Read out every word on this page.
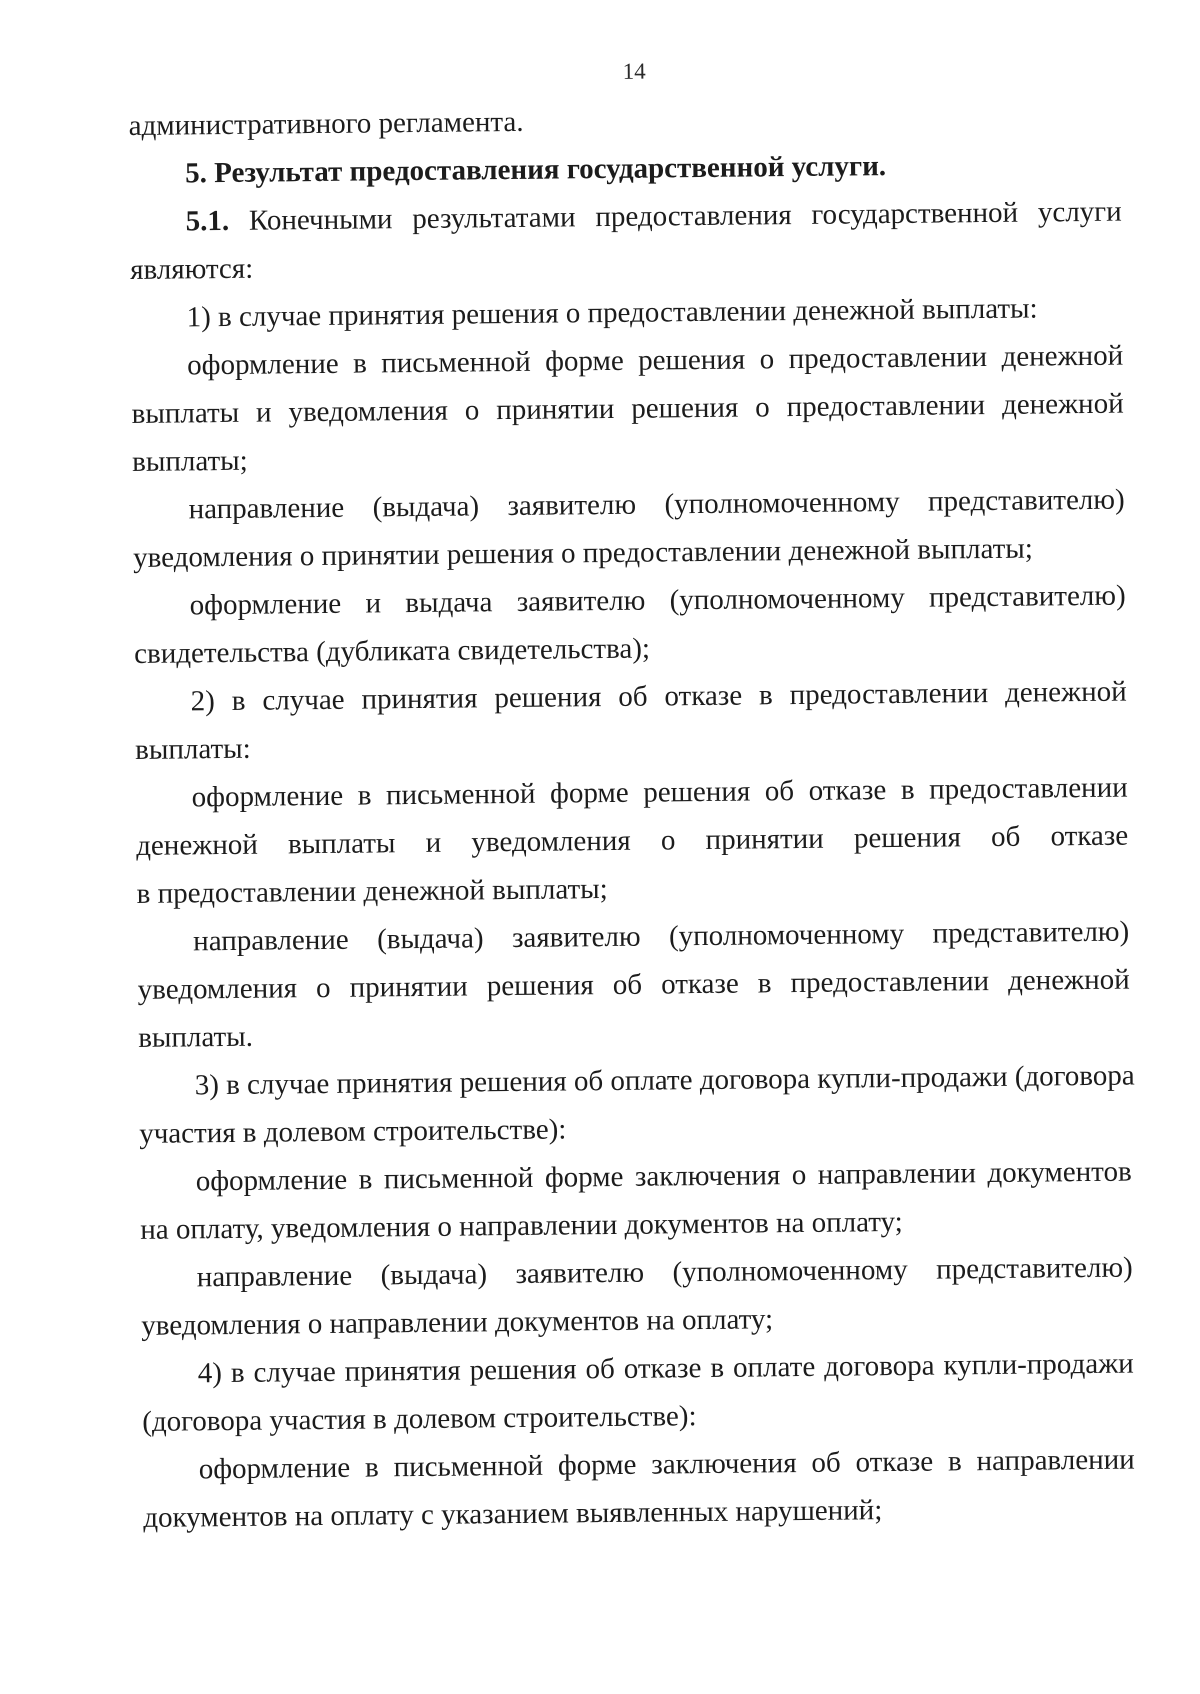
14
административного регламента.
5. Результат предоставления государственной услуги.
5.1. Конечными результатами предоставления государственной услуги
являются:
1) в случае принятия решения о предоставлении денежной выплаты:
оформление в письменной форме решения о предоставлении денежной
выплаты и уведомления о принятии решения о предоставлении денежной
выплаты;
направление (выдача) заявителю (уполномоченному представителю)
уведомления о принятии решения о предоставлении денежной выплаты;
оформление и выдача заявителю (уполномоченному представителю)
свидетельства (дубликата свидетельства);
2) в случае принятия решения об отказе в предоставлении денежной
выплаты:
оформление в письменной форме решения об отказе в предоставлении
денежной выплаты и уведомления о принятии решения об отказе
в предоставлении денежной выплаты;
направление (выдача) заявителю (уполномоченному представителю)
уведомления о принятии решения об отказе в предоставлении денежной
выплаты.
3) в случае принятия решения об оплате договора купли-продажи (договора
участия в долевом строительстве):
оформление в письменной форме заключения о направлении документов
на оплату, уведомления о направлении документов на оплату;
направление (выдача) заявителю (уполномоченному представителю)
уведомления о направлении документов на оплату;
4) в случае принятия решения об отказе в оплате договора купли-продажи
(договора участия в долевом строительстве):
оформление в письменной форме заключения об отказе в направлении
документов на оплату с указанием выявленных нарушений;
